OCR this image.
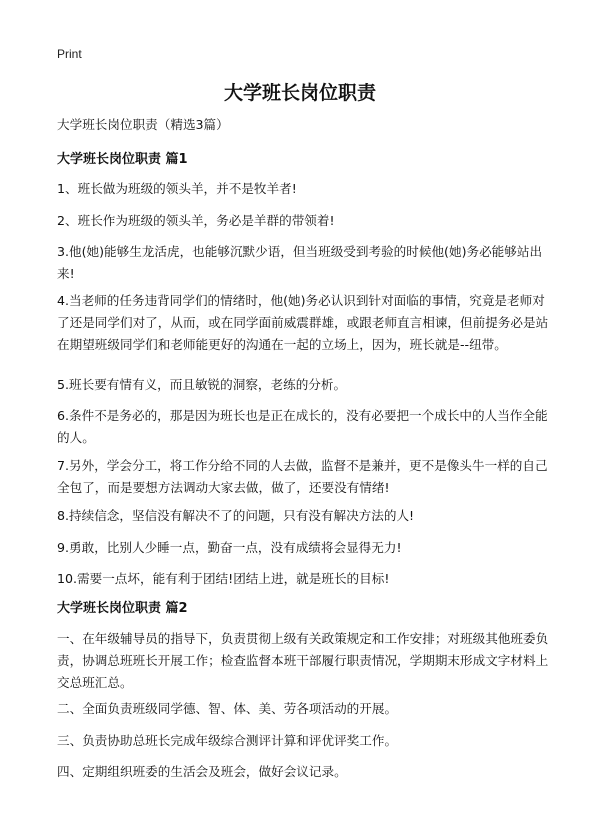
Print
大学班长岗位职责
大学班长岗位职责（精选3篇）
大学班长岗位职责 篇1
1、班长做为班级的领头羊，并不是牧羊者!
2、班长作为班级的领头羊，务必是羊群的带领着!
3.他(她)能够生龙活虎，也能够沉默少语，但当班级受到考验的时候他(她)务必能够站出来!
4.当老师的任务违背同学们的情绪时，他(她)务必认识到针对面临的事情，究竟是老师对了还是同学们对了，从而，或在同学面前威震群雄，或跟老师直言相谏，但前提务必是站在期望班级同学们和老师能更好的沟通在一起的立场上，因为，班长就是--纽带。
5.班长要有情有义，而且敏锐的洞察，老练的分析。
6.条件不是务必的，那是因为班长也是正在成长的，没有必要把一个成长中的人当作全能的人。
7.另外，学会分工，将工作分给不同的人去做，监督不是兼并，更不是像头牛一样的自己全包了，而是要想方法调动大家去做，做了，还要没有情绪!
8.持续信念，坚信没有解决不了的问题，只有没有解决方法的人!
9.勇敢，比别人少睡一点，勤奋一点，没有成绩将会显得无力!
10.需要一点坏，能有利于团结!团结上进，就是班长的目标!
大学班长岗位职责 篇2
一、在年级辅导员的指导下，负责贯彻上级有关政策规定和工作安排；对班级其他班委负责，协调总班班长开展工作；检查监督本班干部履行职责情况，学期期末形成文字材料上交总班汇总。
二、全面负责班级同学德、智、体、美、劳各项活动的开展。
三、负责协助总班长完成年级综合测评计算和评优评奖工作。
四、定期组织班委的生活会及班会，做好会议记录。
